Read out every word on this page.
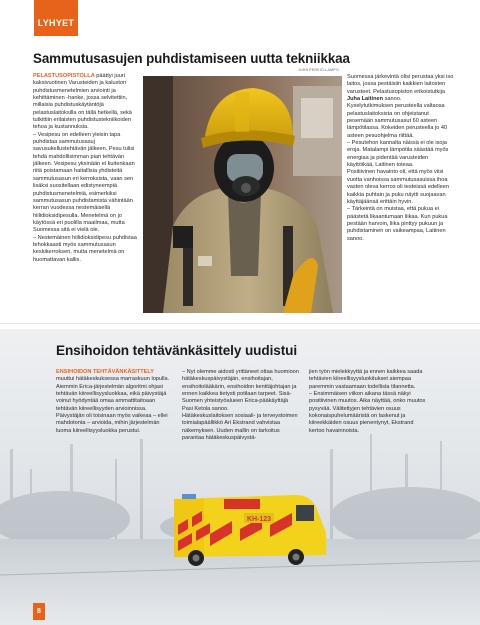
LYHYET
Sammutusasujen puhdistamiseen uutta tekniikkaa

PELASTUSOPISTOLLA päättyi juuri kaksivuotinen Varusteiden ja kaluston puhdistusmenetelmien arviointi ja kehittäminen -hanke, jossa selvitettiin, millaisia puhdistuskäytäntöjä pelastuslaitoksilla on tällä hetkellä, sekä tutkittiin erilaisten puhdistustekniikoiden tehoa ja kustannuksia.

– Vesipesu on edelleen yleisin tapa puhdistaa sammutusasuj savusukellustehtävän jälkeen. Pesu tulisi tehdä mahdollisimman pian tehtävän jälkeen. Vesipesu yksinään ei kuitenkaan riitä poistamaan haitallisia yhdisteitä sammutusasun eri kerroksista, vaan sen lisäksi suositellaan edistyneempiä puhdistusmenetelmiä, esimerkiksi sammutusasun puhdistamista vähintään kerran vuodessa nestemäisellä hiilidioksidipesulla. Menetelmä on jo käytössä eri puolilla maailmaa, mutta Suomessa sitä ei vielä ole.

– Nestemäinen hiilidioksidipesu puhdistaa tehokkaasti myös sammutusasun keskikerroksen, mutta menetelmä on huomattavan kallis.

JUHA PERKIÖ-LAMPO

Suomessa järkevintä olisi perustaa yksi iso laitos, jossa pestäisiin kaikkien laitosten varusteet. Pelastusopiston erikoistutkija Juha Laitinen sanoo.

Kyselytutkimuksen perusteella valtaosa pelastuslaitoksista on ohjeistanut pesemään sammutusasut 60 asteen lämpötilassa. Kokeiden perusteella jo 40 asteen pesuohjelma riittää.

– Pesutehon kannalta näissä ei ole isoja eroja. Matalampi lämpötila säästää myös energiaa ja pidentää varusteiden käyttöikää, Laitinen toteaa.

Positiivinen havainto oli, että myös viisi vuotta vanhoissa sammutusasuissa ihoa vasten olevа kerros oli testeissä edelleen kaikkia puhtain ja puku näytti suojaavan käyttäjäänsä erittäin hyvin.

– Tärkeintä on muistaa, että pukua ei päästetä likaantumaan liikaa. Kun pukua pestään harvoin, liika pinttyy pukuun ja puhdistaminen on vaikeampaa, Laitinen sanoo.

KH-123
Ensihoidon tehtävänkäsittely uudistui

ENSIHOIDON TEHTÄVÄNKÄSITTELY muuttui hätäkeskuksessa marraskuun lopulla. Aiemmin Erica-järjestelmän algoritmi ohjasi tehtävän kiireellisyysluokkaa, eikä päivystäjä voinut hyödyntää omaa ammattitaitoaan tehtävän kiireellisyyden arvioinnissa. Päivystäjän oli toisinaan myös vaikeaa – ellei mahdotonta – arvioida, mihin järjestelmän luoma kiireellisyysluokka perustui.

– Nyt olemme aidosti yrittäneet ottaa huomioon hätäkeskuspäivystäjän, ensihoitajan, ensihoitolääkärin, ensihoidon kenttäjohtajan ja ennen kaikkea tietysti potilaan tarpeet. Sisä-Suomen yhteistyöalueen Erica-pääkäyttäjä Pasi Ketola sanoo.

Hätäkeskuslaitoksen sosiaali- ja terveystoimen toimialapäällikkö Ari Ekstrand vahvistaa näkemyksen. Uuden mallin on tarkoitus parantaa hätäkeskuspäivystä-

jien työn mielekkyyttä ja ennen kaikkea saada tehtävien kiireellisyysluokitukset aiempaa paremmin vastaamaan todellista tilannetta.

– Ensimmäisen viikon aikana tässä näkyi positiivinen muutos. Aika näyttää, onko muutos pysyvää. Välitettyjen tehtävien osuus kokonaispuhelumääristä on laskenut ja kiireekkäiden osuus pienentynyt, Ekstrand kertoo havainnoista.

8
